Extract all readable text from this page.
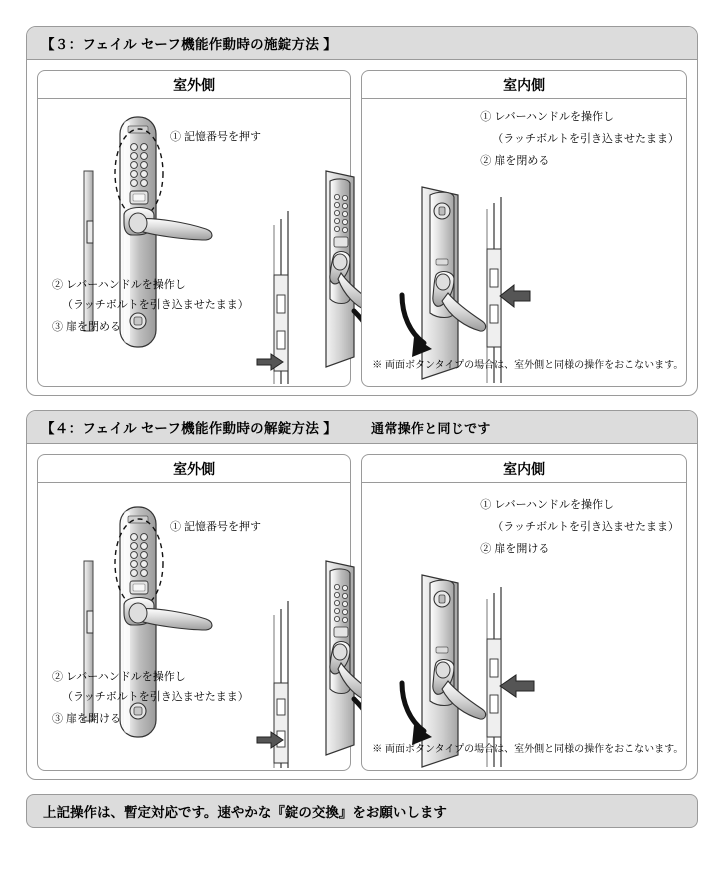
【３：フェイル セーフ機能作動時の施錠方法 】
室外側
① 記憶番号を押す
② レバーハンドルを操作し
（ラッチボルトを引き込ませたまま）
③ 扉を閉める
室内側
① レバーハンドルを操作し
（ラッチボルトを引き込ませたまま）
② 扉を閉める
※ 両面ボタンタイプの場合は、室外側と同様の操作をおこないます。
【４：フェイル セーフ機能作動時の解錠方法 】	通常操作と同じです
室外側
① 記憶番号を押す
② レバーハンドルを操作し
（ラッチボルトを引き込ませたまま）
③ 扉を開ける
室内側
① レバーハンドルを操作し
（ラッチボルトを引き込ませたまま）
② 扉を開ける
※ 両面ボタンタイプの場合は、室外側と同様の操作をおこないます。
上記操作は、暫定対応です。速やかな『錠の交換』をお願いします
